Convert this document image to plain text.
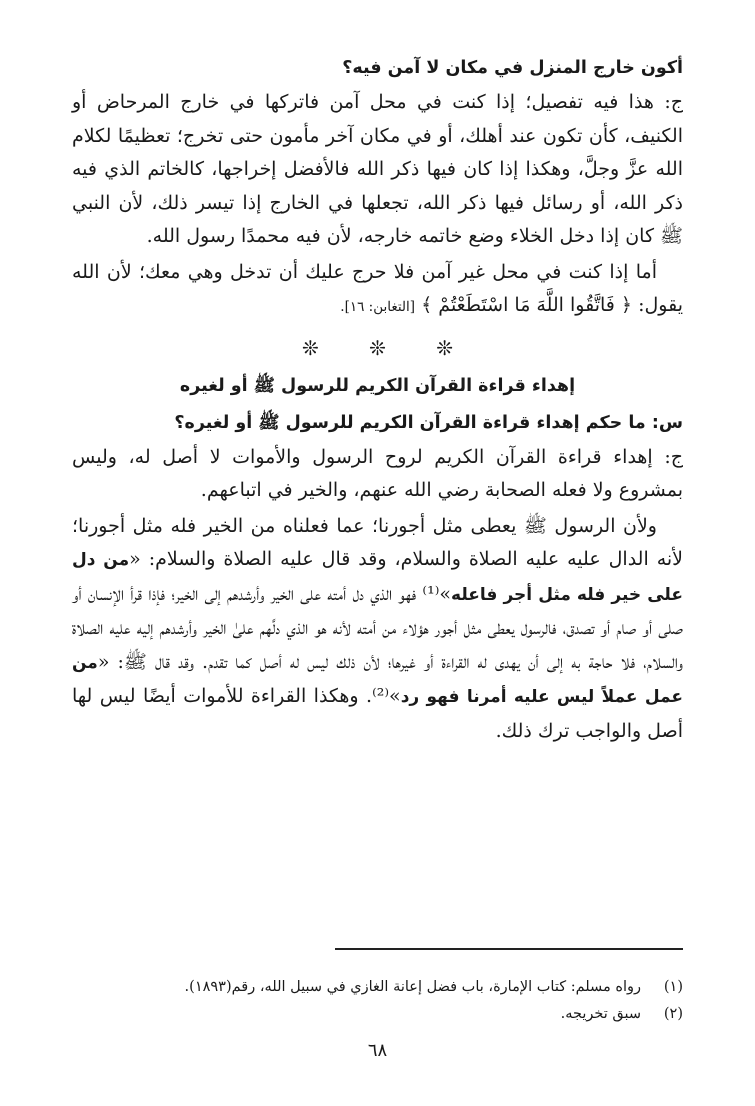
أكون خارج المنزل في مكان لا آمن فيه؟

ج: هذا فيه تفصيل؛ إذا كنت في محل آمن فاتركها في خارج المرحاض أو الكنيف، كأن تكون عند أهلك، أو في مكان آخر مأمون حتى تخرج؛ تعظيمًا لكلام الله عزَّ وجلَّ، وهكذا إذا كان فيها ذكر الله فالأفضل إخراجها، كالخاتم الذي فيه ذكر الله، أو رسائل فيها ذكر الله، تجعلها في الخارج إذا تيسر ذلك، لأن النبي ﷺ كان إذا دخل الخلاء وضع خاتمه خارجه، لأن فيه محمدًا رسول الله.

أما إذا كنت في محل غير آمن فلا حرج عليك أن تدخل وهي معك؛ لأن الله يقول: ﴿ فَاتَّقُوا اللَّهَ مَا اسْتَطَعْتُمْ ﴾ [التغابن: ١٦].

❊ ❊ ❊

إهداء قراءة القرآن الكريم للرسول ﷺ أو لغيره

س: ما حكم إهداء قراءة القرآن الكريم للرسول ﷺ أو لغيره؟

ج: إهداء قراءة القرآن الكريم لروح الرسول والأموات لا أصل له، وليس بمشروع ولا فعله الصحابة رضي الله عنهم، والخير في اتباعهم.

ولأن الرسول ﷺ يعطى مثل أجورنا؛ عما فعلناه من الخير فله مثل أجورنا؛ لأنه الدال عليه عليه الصلاة والسلام، وقد قال عليه الصلاة والسلام: «من دل على خير فله مثل أجر فاعله»⁽¹⁾ فهو الذي دل أمته على الخير وأرشدهم إلى الخير؛ فإذا قرأ الإنسان أو صلى أو صام أو تصدق، فالرسول يعطى مثل أجور هؤلاء من أمته لأنه هو الذي دلَّهم علىٰ الخير وأرشدهم إليه عليه الصلاة والسلام، فلا حاجة به إلى أن يهدى له القراءة أو غيرها؛ لأن ذلك ليس له أصل كما تقدم. وقد قال ﷺ: «من عمل عملاً ليس عليه أمرنا فهو رد»⁽²⁾. وهكذا القراءة للأموات أيضًا ليس لها أصل والواجب ترك ذلك.

(١)رواه مسلم: كتاب الإمارة، باب فضل إعانة الغازي في سبيل الله، رقم(١٨٩٣).

(٢)سبق تخريجه.

٦٨
